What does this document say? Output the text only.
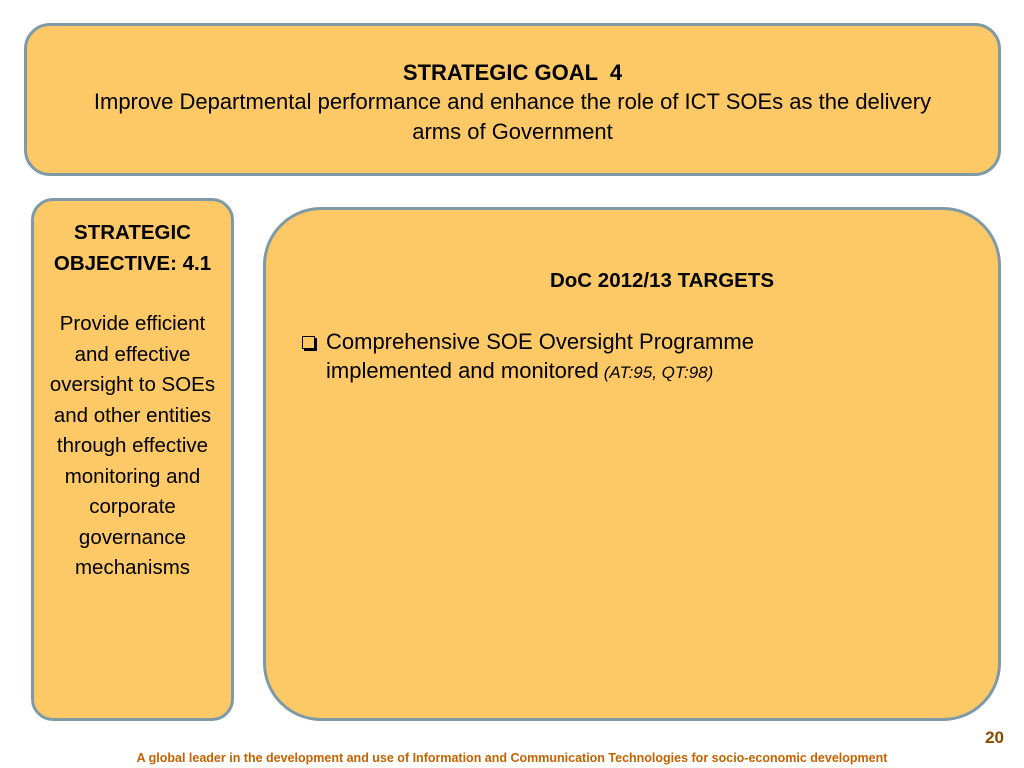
STRATEGIC GOAL  4
Improve Departmental performance and enhance the role of ICT SOEs as the delivery arms of Government
STRATEGIC OBJECTIVE: 4.1
Provide efficient and effective oversight to SOEs and other entities through effective monitoring and corporate governance mechanisms
DoC 2012/13 TARGETS
Comprehensive SOE Oversight Programme implemented and monitored (AT:95, QT:98)
20
A global leader in the development and use of Information and Communication Technologies for socio-economic development
